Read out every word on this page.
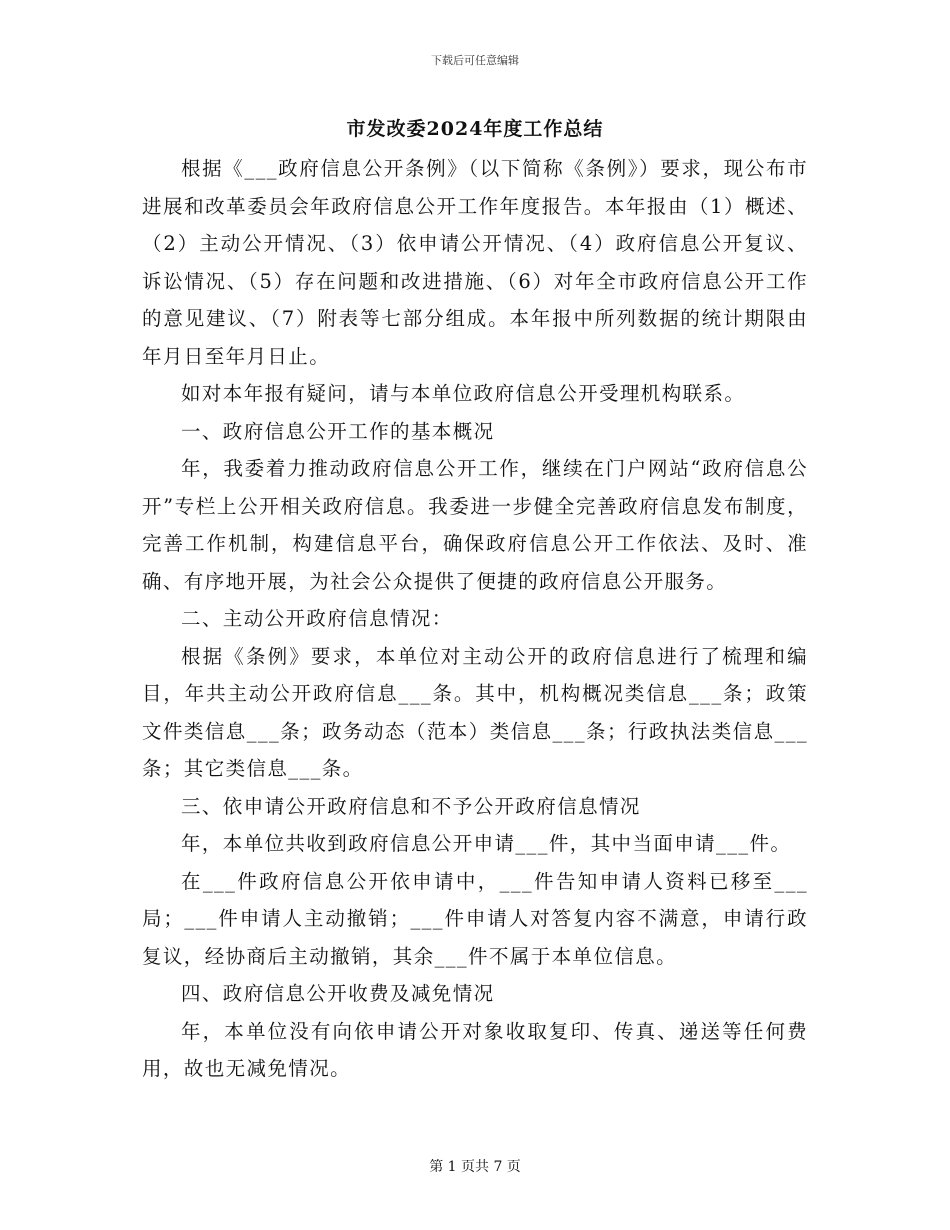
下载后可任意编辑
市发改委2024年度工作总结

根据《___政府信息公开条例》（以下简称《条例》）要求，现公布市进展和改革委员会年政府信息公开工作年度报告。本年报由（1）概述、（2）主动公开情况、（3）依申请公开情况、（4）政府信息公开复议、诉讼情况、（5）存在问题和改进措施、（6）对年全市政府信息公开工作的意见建议、（7）附表等七部分组成。本年报中所列数据的统计期限由年月日至年月日止。

如对本年报有疑问，请与本单位政府信息公开受理机构联系。

一、政府信息公开工作的基本概况

年，我委着力推动政府信息公开工作，继续在门户网站“政府信息公开”专栏上公开相关政府信息。我委进一步健全完善政府信息发布制度，完善工作机制，构建信息平台，确保政府信息公开工作依法、及时、准确、有序地开展，为社会公众提供了便捷的政府信息公开服务。

二、主动公开政府信息情况：

根据《条例》要求，本单位对主动公开的政府信息进行了梳理和编目，年共主动公开政府信息___条。其中，机构概况类信息___条；政策文件类信息___条；政务动态（范本）类信息___条；行政执法类信息___条；其它类信息___条。

三、依申请公开政府信息和不予公开政府信息情况

年，本单位共收到政府信息公开申请___件，其中当面申请___件。

在___件政府信息公开依申请中，___件告知申请人资料已移至___局；___件申请人主动撤销；___件申请人对答复内容不满意，申请行政复议，经协商后主动撤销，其余___件不属于本单位信息。

四、政府信息公开收费及减免情况

年，本单位没有向依申请公开对象收取复印、传真、递送等任何费用，故也无减免情况。

第 1 页共 7 页
